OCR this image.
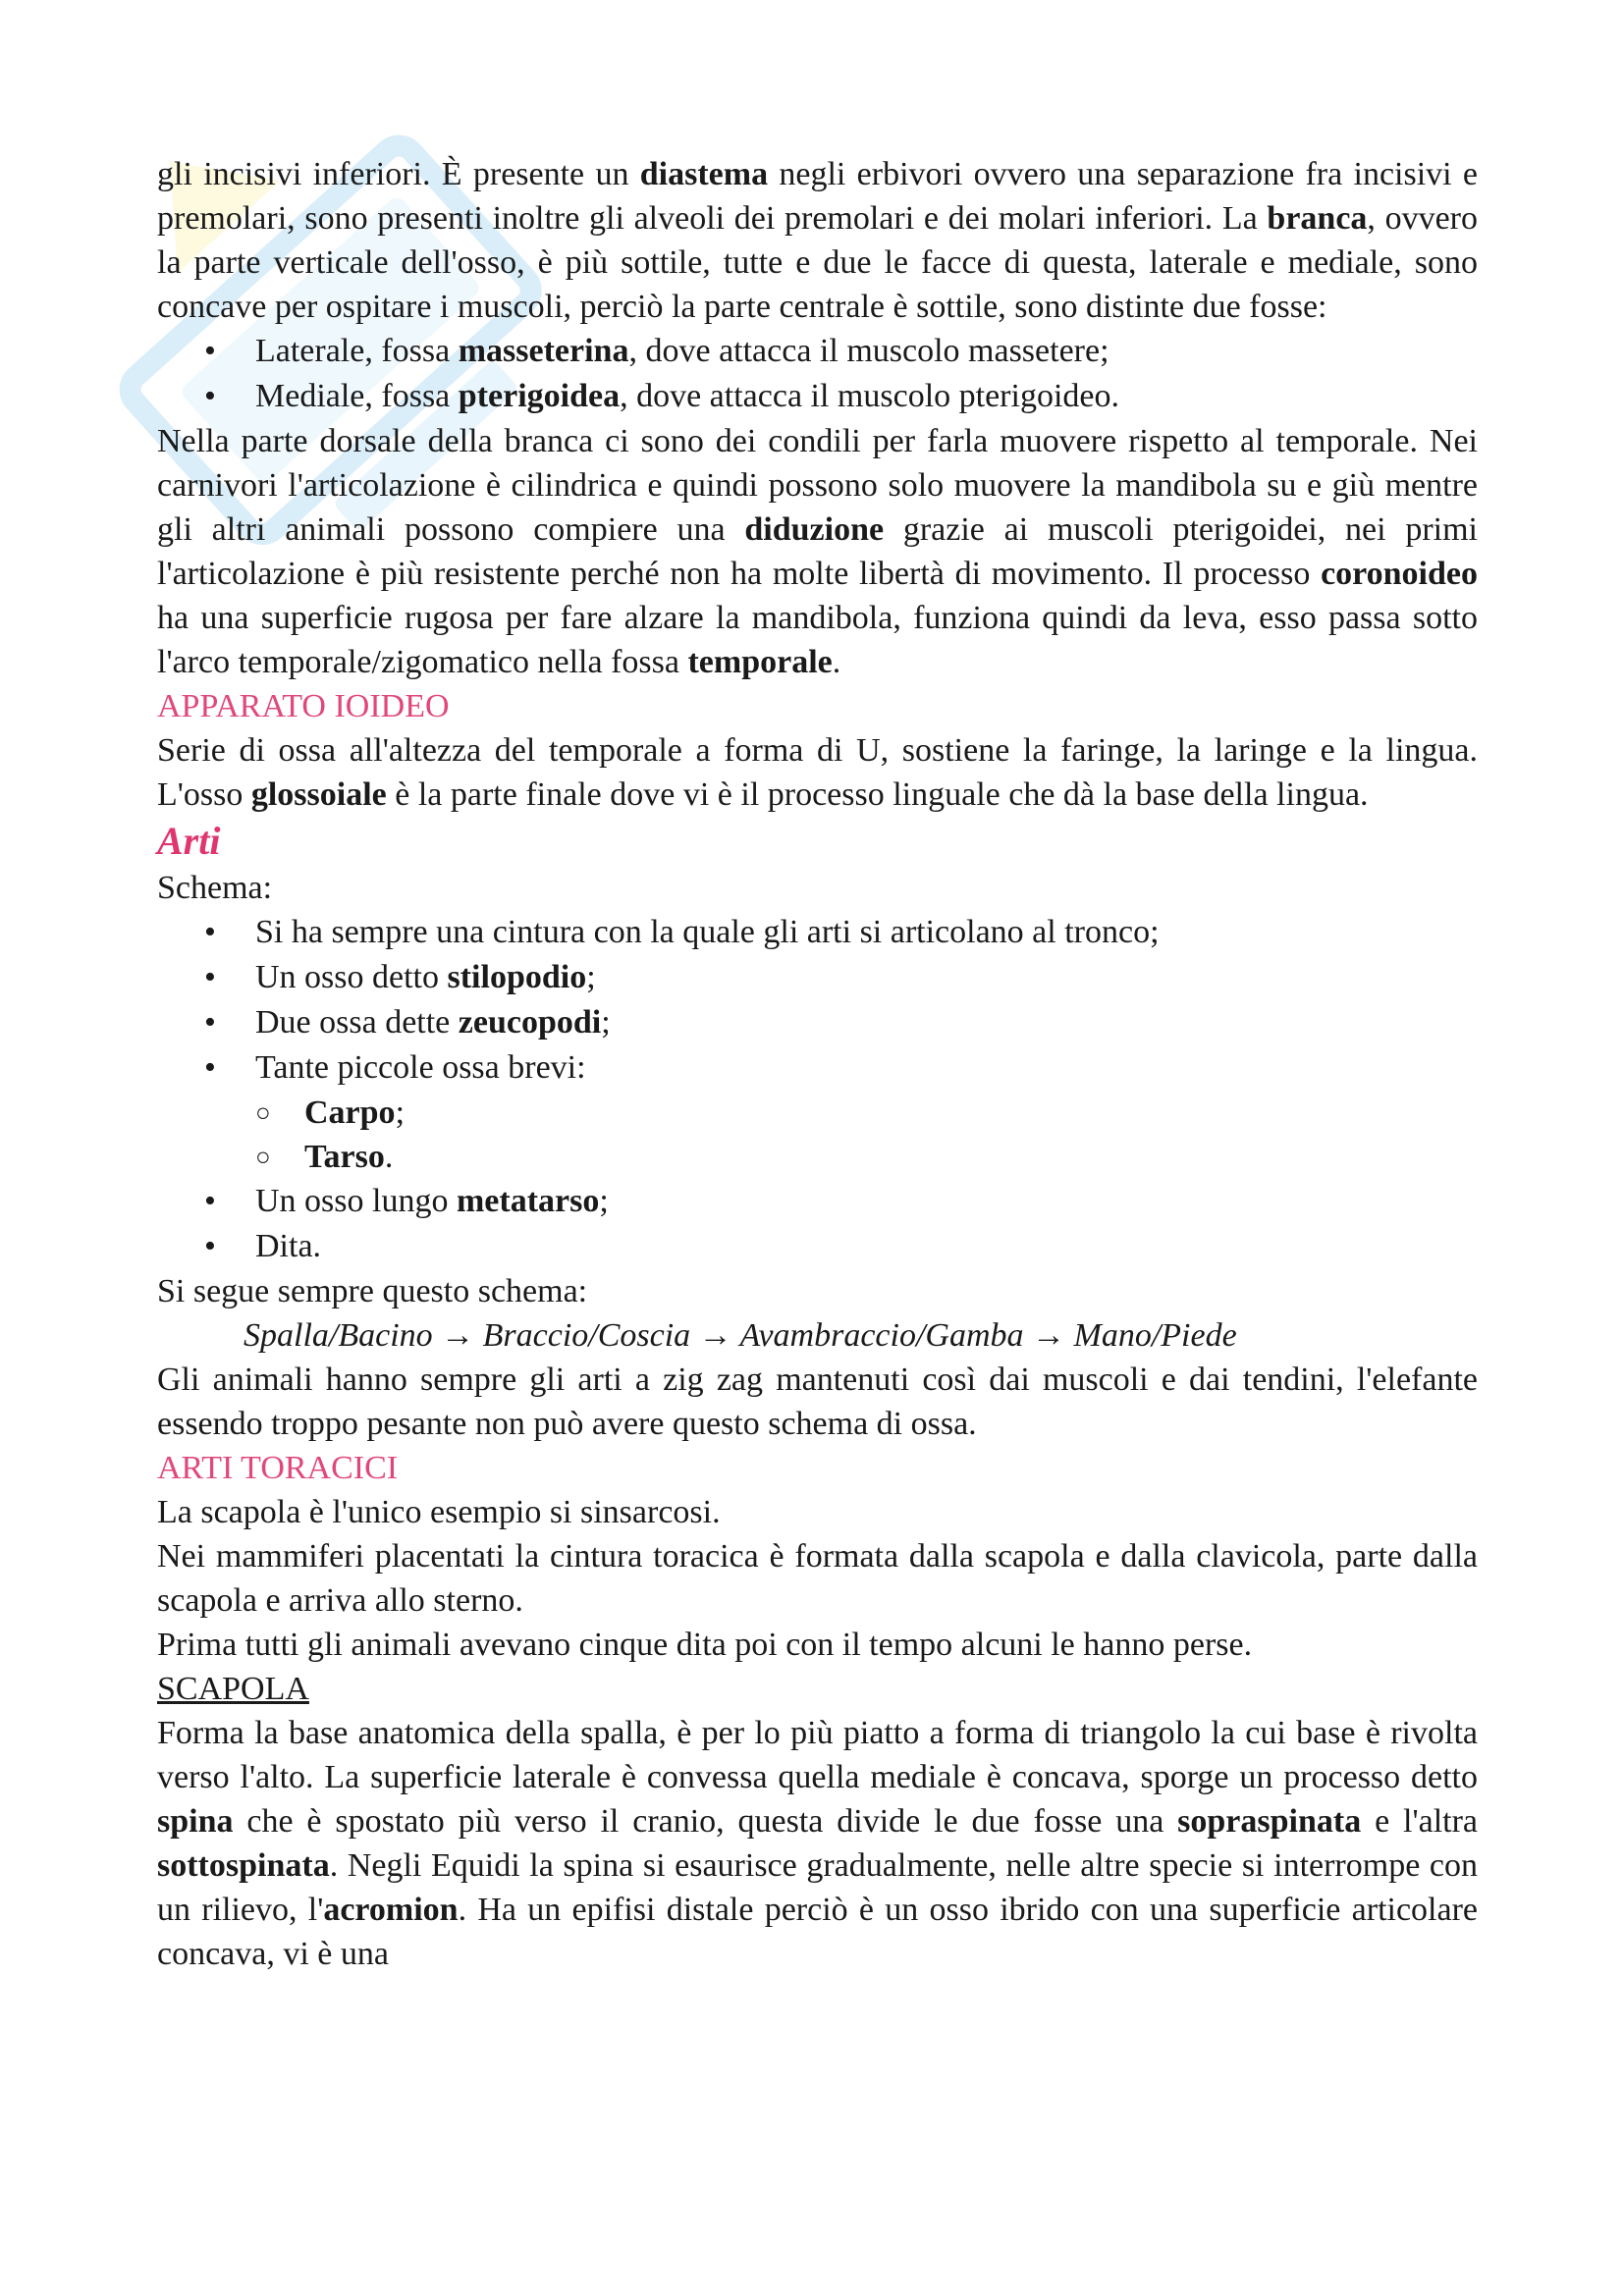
gli incisivi inferiori. È presente un diastema negli erbivori ovvero una separazione fra incisivi e premolari, sono presenti inoltre gli alveoli dei premolari e dei molari inferiori. La branca, ovvero la parte verticale dell'osso, è più sottile, tutte e due le facce di questa, laterale e mediale, sono concave per ospitare i muscoli, perciò la parte centrale è sottile, sono distinte due fosse:

• Laterale, fossa masseterina, dove attacca il muscolo massetere;
• Mediale, fossa pterigoidea, dove attacca il muscolo pterigoideo.

Nella parte dorsale della branca ci sono dei condili per farla muovere rispetto al temporale. Nei carnivori l'articolazione è cilindrica e quindi possono solo muovere la mandibola su e giù mentre gli altri animali possono compiere una diduzione grazie ai muscoli pterigoidei, nei primi l'articolazione è più resistente perché non ha molte libertà di movimento. Il processo coronoideo ha una superficie rugosa per fare alzare la mandibola, funziona quindi da leva, esso passa sotto l'arco temporale/zigomatico nella fossa temporale.

APPARATO IOIDEO

Serie di ossa all'altezza del temporale a forma di U, sostiene la faringe, la laringe e la lingua. L'osso glossoiale è la parte finale dove vi è il processo linguale che dà la base della lingua.

Arti

Schema:

• Si ha sempre una cintura con la quale gli arti si articolano al tronco;
• Un osso detto stilopodio;
• Due ossa dette zeucopodi;
• Tante piccole ossa brevi:
○ Carpo;
○ Tarso.
• Un osso lungo metatarso;
• Dita.

Si segue sempre questo schema:

Spalla/Bacino → Braccio/Coscia → Avambraccio/Gamba → Mano/Piede

Gli animali hanno sempre gli arti a zig zag mantenuti così dai muscoli e dai tendini, l'elefante essendo troppo pesante non può avere questo schema di ossa.

ARTI TORACICI

La scapola è l'unico esempio si sinsarcosi.

Nei mammiferi placentati la cintura toracica è formata dalla scapola e dalla clavicola, parte dalla scapola e arriva allo sterno.

Prima tutti gli animali avevano cinque dita poi con il tempo alcuni le hanno perse.

SCAPOLA

Forma la base anatomica della spalla, è per lo più piatto a forma di triangolo la cui base è rivolta verso l'alto. La superficie laterale è convessa quella mediale è concava, sporge un processo detto spina che è spostato più verso il cranio, questa divide le due fosse una sopraspinata e l'altra sottospinata. Negli Equidi la spina si esaurisce gradualmente, nelle altre specie si interrompe con un rilievo, l'acromion. Ha un epifisi distale perciò è un osso ibrido con una superficie articolare concava, vi è una
